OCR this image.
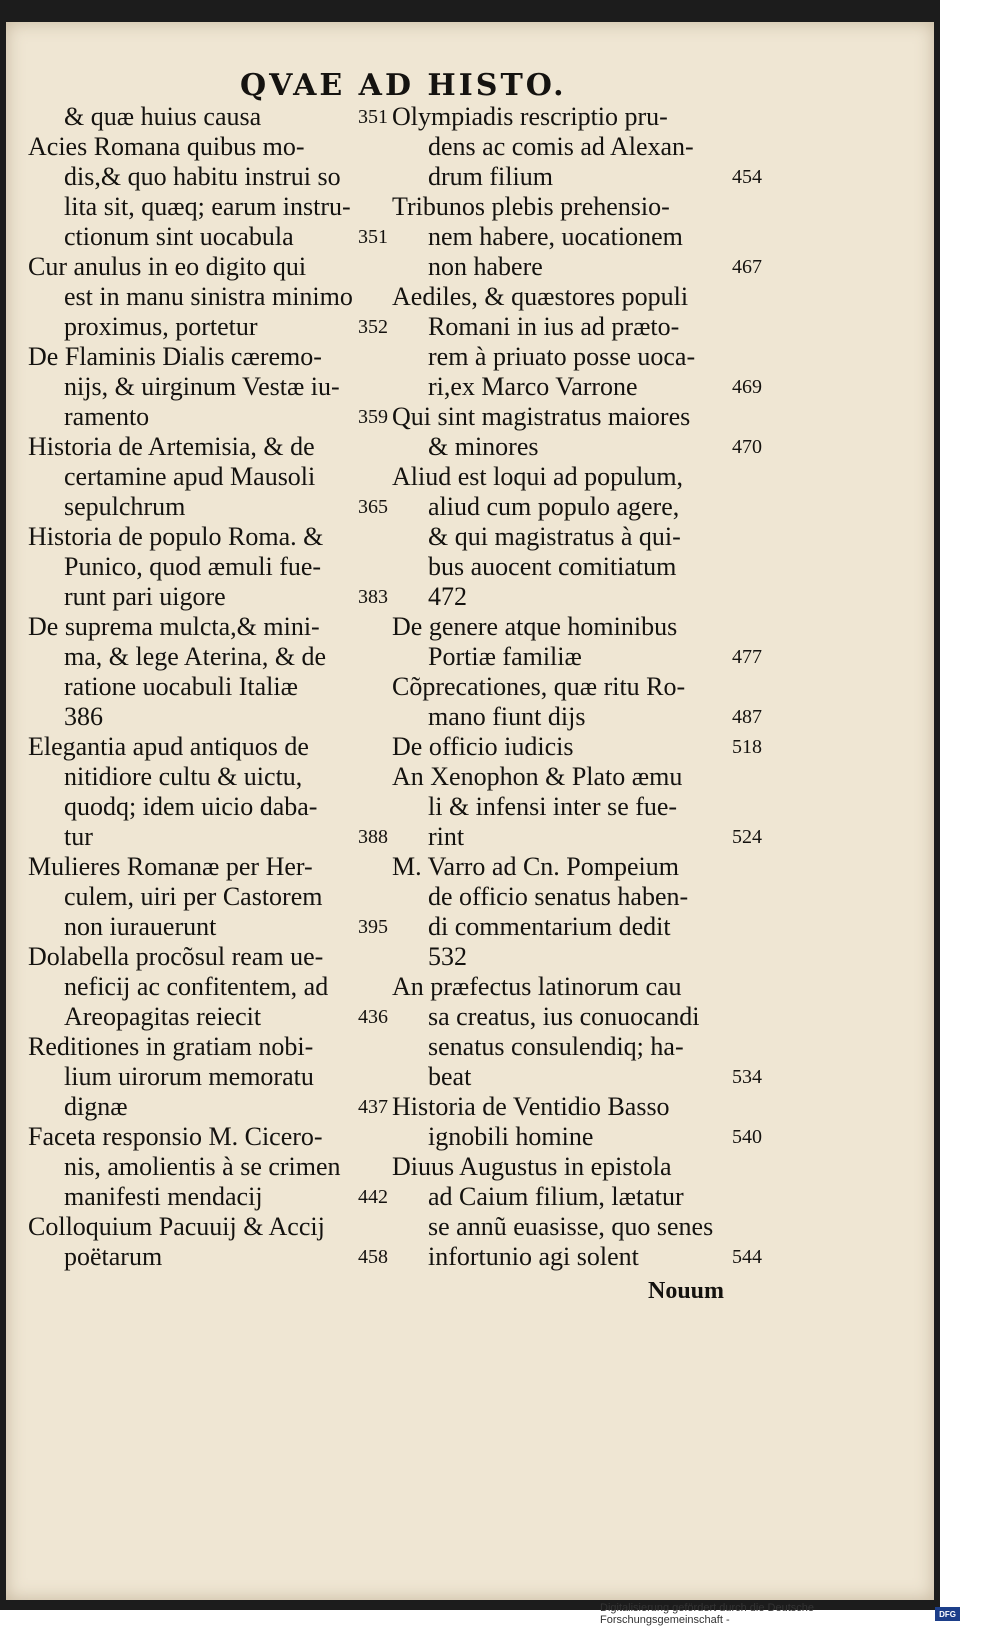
QVAE AD HISTO.
& quæ huius causa	351
Acies Romana quibus mo-
dis,& quo habitu instrui so
lita sit, quæq; earum instru-
ctionum sint uocabula	351
Cur anulus in eo digito qui
est in manu sinistra minimo
proximus, portetur	352
De Flaminis Dialis cæremo-
nijs, & uirginum Vestæ iu-
ramento	359
Historia de Artemisia, & de
certamine apud Mausoli
sepulchrum	365
Historia de populo Roma. &
Punico, quod æmuli fue-
runt pari uigore	383
De suprema mulcta,& mini-
ma, & lege Aterina, & de
ratione uocabuli Italiæ
386
Elegantia apud antiquos de
nitidiore cultu & uictu,
quodq; idem uicio daba-
tur	388
Mulieres Romanæ per Her-
culem, uiri per Castorem
non iurauerunt	395
Dolabella procõsul ream ue-
neficij ac confitentem, ad
Areopagitas reiecit	436
Reditiones in gratiam nobi-
lium uirorum memoratu
dignæ	437
Faceta responsio M. Cicero-
nis, amolientis à se crimen
manifesti mendacij	442
Colloquium Pacuuij & Accij
poëtarum	458
Olympiadis rescriptio pru-
dens ac comis ad Alexan-
drum filium	454
Tribunos plebis prehensio-
nem habere, uocationem
non habere	467
Aediles, & quæstores populi
Romani in ius ad præto-
rem à priuato posse uoca-
ri,ex Marco Varrone	469
Qui sint magistratus maiores
& minores	470
Aliud est loqui ad populum,
aliud cum populo agere,
& qui magistratus à qui-
bus auocent comitiatum
472
De genere atque hominibus
Portiæ familiæ	477
Cõprecationes, quæ ritu Ro-
mano fiunt dijs	487
De officio iudicis	518
An Xenophon & Plato æmu
li & infensi inter se fue-
rint	524
M. Varro ad Cn. Pompeium
de officio senatus haben-
di commentarium dedit
532
An præfectus latinorum cau
sa creatus, ius conuocandi
senatus consulendiq; ha-
beat	534
Historia de Ventidio Basso
ignobili homine	540
Diuus Augustus in epistola
ad Caium filium, lætatur
se annũ euasisse, quo senes
infortunio agi solent	544
Nouum
Digitalisierung gefördert durch die Deutsche Forschungsgemeinschaft -	DFG
